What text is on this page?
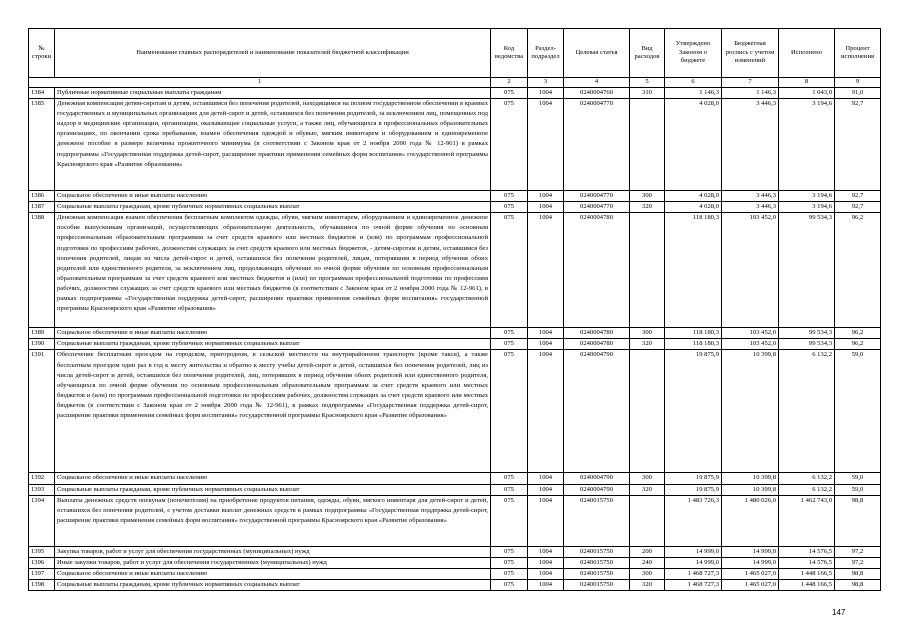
№ строки	Наименование главных распорядителей и наименование показателей бюджетной классификации	Код ведомства	Раздел-подраздел	Целевая статья	Вид расходов	Утверждено Законом о бюджете	Бюджетная роспись с учетом изменений	Исполнено	Процент исполнения
1		2	3	4	5	6	7	8	9
1384	Публичные нормативные социальные выплаты гражданам	075	1004	0240004760	310	1 146,3	1 146,3	1 043,0	91,0
1385	Денежная компенсация детям-сиротам и детям, оставшимся без попечения родителей, находящимся на полном государственном обеспечении в краевых государственных и муниципальных организациях для детей-сирот и детей, оставшихся без попечения родителей, за исключением лиц, помещенных под надзор в медицинские организации, организации, оказывающие социальные услуги, а также лиц, обучающихся в профессиональных образовательных организациях, по окончании срока пребывания, взамен обеспечения одеждой и обувью, мягким инвентарем и оборудованием и единовременное денежное пособие в размере величины прожиточного минимума (в соответствии с Законом края от 2 ноября 2000 года № 12-961) в рамках подпрограммы «Государственная поддержка детей-сирот, расширение практики применения семейных форм воспитания» государственной программы Красноярского края «Развитие образования»	075	1004	0240004770		4 028,0	3 446,3	3 194,6	92,7
1386	Социальное обеспечение и иные выплаты населению	075	1004	0240004770	300	4 028,0	3 446,3	3 194,6	92,7
1387	Социальные выплаты гражданам, кроме публичных нормативных социальных выплат	075	1004	0240004770	320	4 028,0	3 446,3	3 194,6	92,7
1388	Денежная компенсация взамен обеспечения бесплатным комплектом одежды, обуви, мягким инвентарем, оборудованием и единовременное денежное пособие выпускникам организаций, осуществляющих образовательную деятельность, обучавшимся по очной форме обучения по основным профессиональным образовательным программам за счет средств краевого или местных бюджетов и (или) по программам профессиональной подготовки по профессиям рабочих, должностям служащих за счет средств краевого или местных бюджетов, - детям-сиротам и детям, оставшимся без попечения родителей, лицам из числа детей-сирот и детей, оставшихся без попечения родителей, лицам, потерявшим в период обучения обоих родителей или единственного родителя, за исключением лиц, продолжающих обучение по очной форме обучения по основным профессиональным образовательным программам за счет средств краевого или местных бюджетов и (или) по программам профессиональной подготовки по профессиям рабочих, должностям служащих за счет средств краевого или местных бюджетов (в соответствии с Законом края от 2 ноября 2000 года № 12-961), в рамках подпрограммы «Государственная поддержка детей-сирот, расширение практики применения семейных форм воспитания» государственной программы Красноярского края «Развитие образования»	075	1004	0240004780		118 180,3	103 452,0	99 534,3	96,2
1389	Социальное обеспечение и иные выплаты населению	075	1004	0240004780	300	118 180,3	103 452,0	99 534,3	96,2
1390	Социальные выплаты гражданам, кроме публичных нормативных социальных выплат	075	1004	0240004780	320	118 180,3	103 452,0	99 534,3	96,2
1391	Обеспечение бесплатным проездом на городском, пригородном, в сельской местности на внутрирайонном транспорте (кроме такси), а также бесплатным проездом один раз в год к месту жительства и обратно к месту учебы детей-сирот и детей, оставшихся без попечения родителей, лиц из числа детей-сирот и детей, оставшихся без попечения родителей, лиц, потерявших в период обучения обоих родителей или единственного родителя, обучающихся по очной форме обучения по основным профессиональным образовательным программам за счет средств краевого или местных бюджетов и (или) по программам профессиональной подготовки по профессиям рабочих, должностям служащих за счет средств краевого или местных бюджетов (в соответствии с Законом края от 2 ноября 2000 года № 12-961), в рамках подпрограммы «Государственная поддержка детей-сирот, расширение практики применения семейных форм воспитания» государственной программы Красноярского края «Развитие образования»	075	1004	0240004790		19 875,9	10 399,8	6 132,2	59,0
1392	Социальное обеспечение и иные выплаты населению	075	1004	0240004790	300	19 875,9	10 399,8	6 132,2	59,0
1393	Социальные выплаты гражданам, кроме публичных нормативных социальных выплат	075	1004	0240004790	320	19 875,9	10 399,8	6 132,2	59,0
1394	Выплаты денежных средств опекунам (попечителям) на приобретение продуктов питания, одежды, обуви, мягкого инвентаря для детей-сирот и детей, оставшихся без попечения родителей, с учетом доставки выплат денежных средств в рамках подпрограммы «Государственная поддержка детей-сирот, расширение практики применения семейных форм воспитания» государственной программы Красноярского края «Развитие образования»	075	1004	0240015750		1 483 726,3	1 480 026,0	1 462 743,0	98,8
1395	Закупка товаров, работ и услуг для обеспечения государственных (муниципальных) нужд	075	1004	0240015750	200	14 999,0	14 999,0	14 576,5	97,2
1396	Иные закупки товаров, работ и услуг для обеспечения государственных (муниципальных) нужд	075	1004	0240015750	240	14 999,0	14 999,0	14 576,5	97,2
1397	Социальное обеспечение и иные выплаты населению	075	1004	0240015750	300	1 468 727,3	1 465 027,0	1 448 166,5	98,8
1398	Социальные выплаты гражданам, кроме публичных нормативных социальных выплат	075	1004	0240015750	320	1 468 727,3	1 465 027,0	1 448 166,5	98,8
147
